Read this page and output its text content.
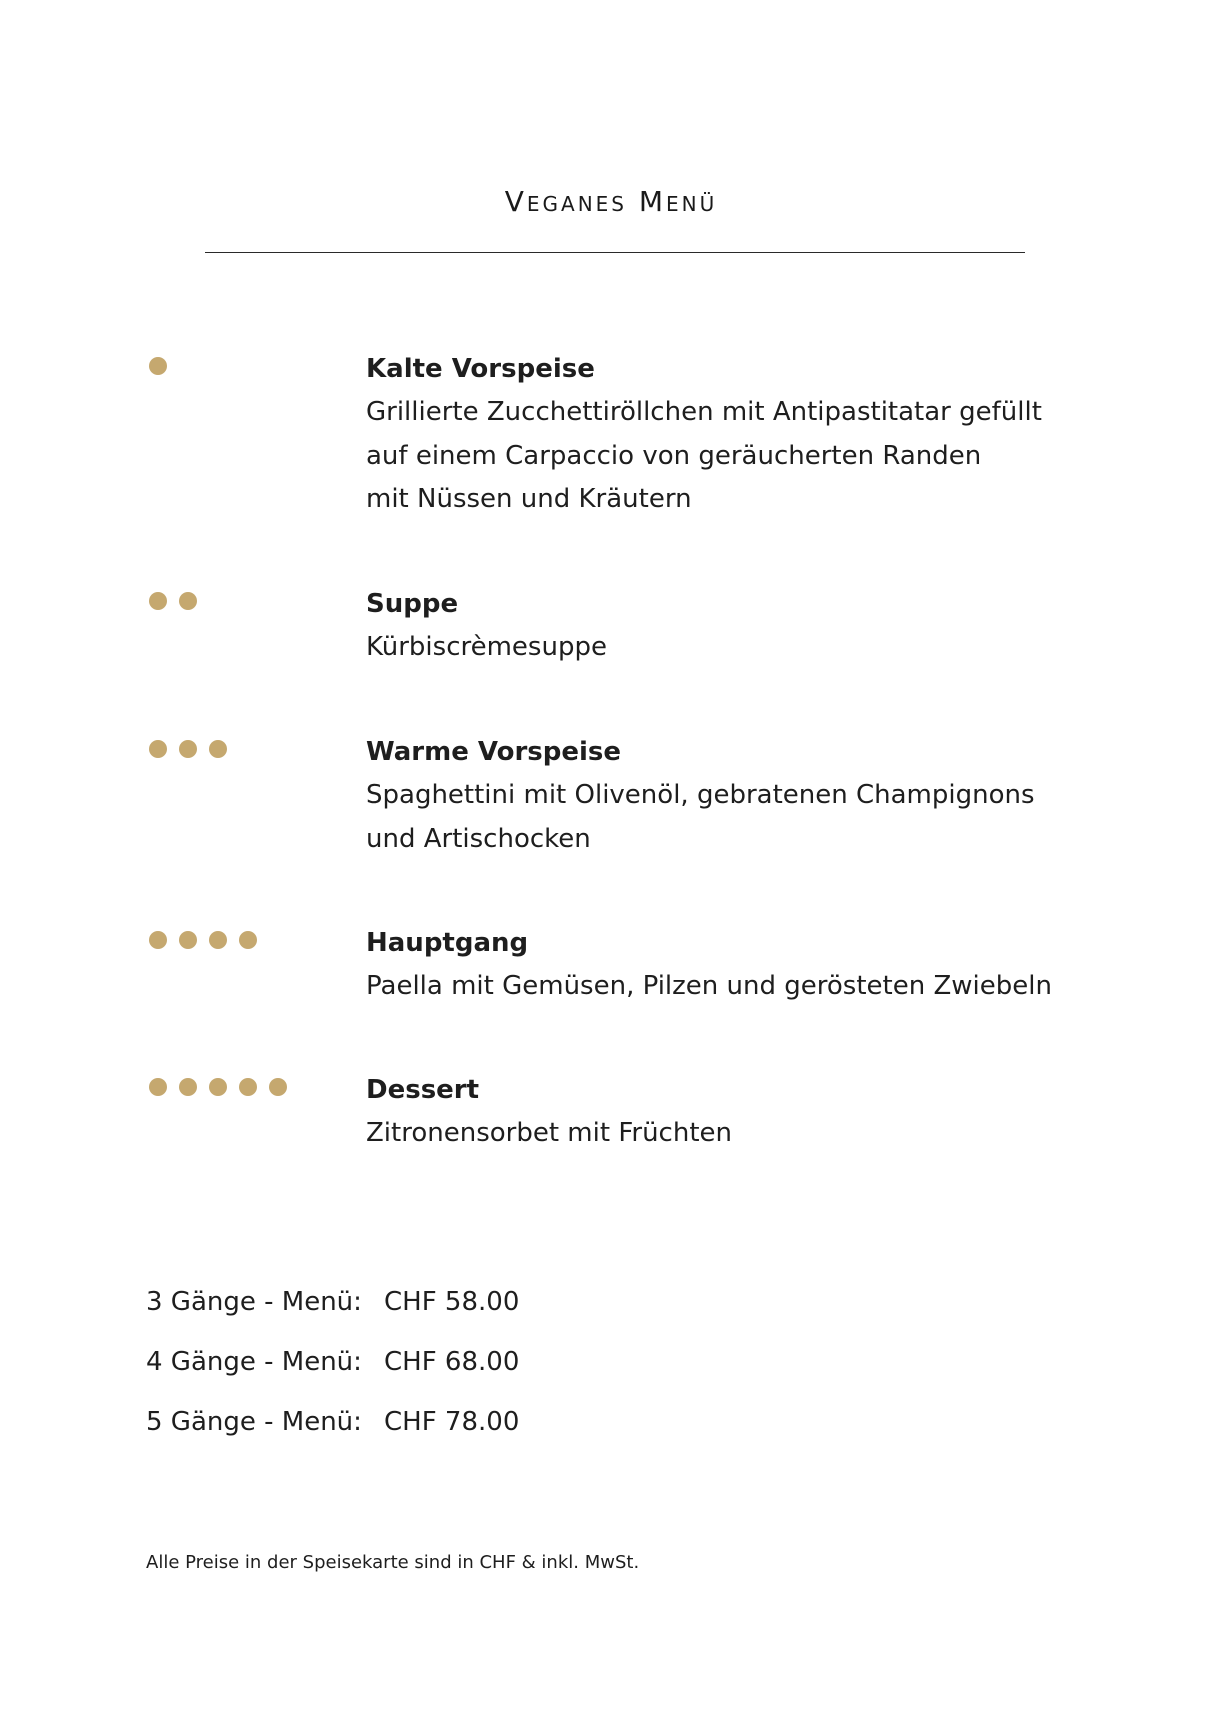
Veganes Menü
Kalte Vorspeise
Grillierte Zucchettiröllchen mit Antipastitatar gefüllt
auf einem Carpaccio von geräucherten Randen
mit Nüssen und Kräutern
Suppe
Kürbiscrèmesuppe
Warme Vorspeise
Spaghettini mit Olivenöl, gebratenen Champignons
und Artischocken
Hauptgang
Paella mit Gemüsen, Pilzen und gerösteten Zwiebeln
Dessert
Zitronensorbet mit Früchten
3 Gänge - Menü: CHF 58.00
4 Gänge - Menü: CHF 68.00
5 Gänge - Menü: CHF 78.00
Alle Preise in der Speisekarte sind in CHF & inkl. MwSt.
